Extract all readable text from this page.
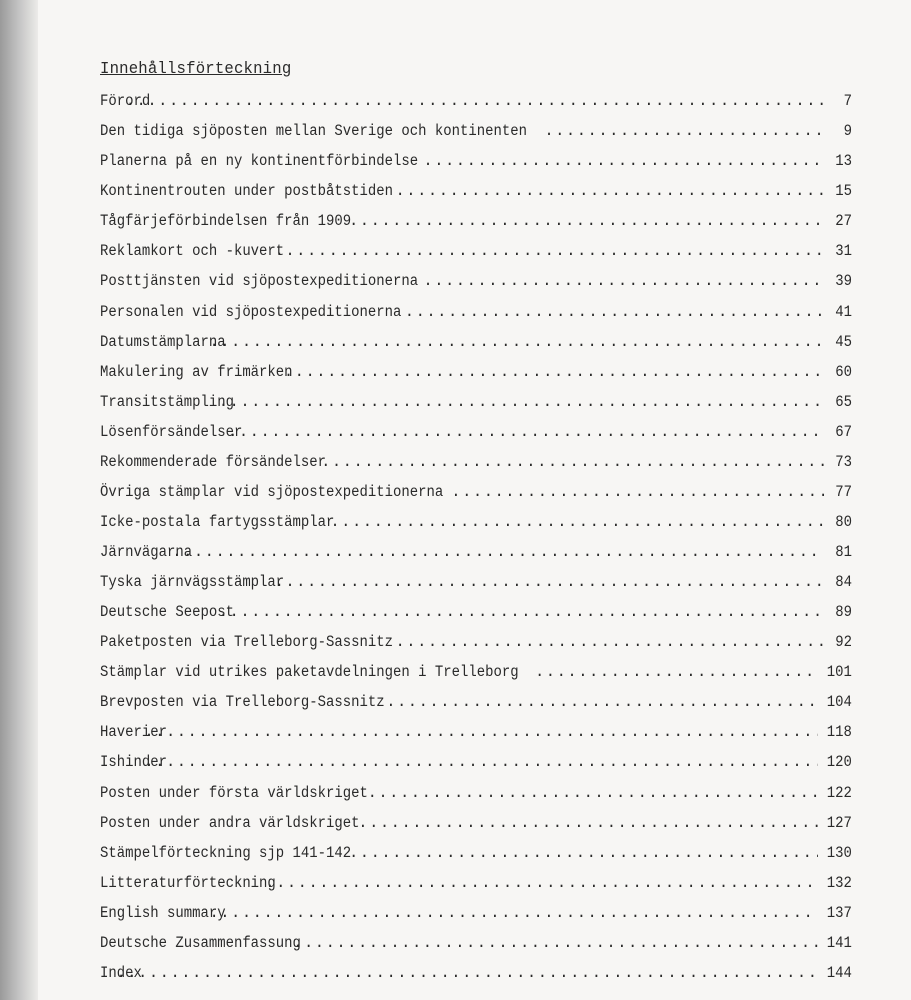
Innehållsförteckning
Förord .....	7
Den tidiga sjöposten mellan Sverige och kontinenten .....	9
Planerna på en ny kontinentförbindelse .....	13
Kontinentrouten under postbåtstiden .....	15
Tågfärjeförbindelsen från 1909 .....	27
Reklamkort och -kuvert .....	31
Posttjänsten vid sjöpostexpeditionerna .....	39
Personalen vid sjöpostexpeditionerna .....	41
Datumstämplarna .....	45
Makulering av frimärken .....	60
Transitstämpling .....	65
Lösenförsändelser .....	67
Rekommenderade försändelser .....	73
Övriga stämplar vid sjöpostexpeditionerna .....	77
Icke-postala fartygsstämplar .....	80
Järnvägarna .....	81
Tyska järnvägsstämplar .....	84
Deutsche Seepost .....	89
Paketposten via Trelleborg-Sassnitz .....	92
Stämplar vid utrikes paketavdelningen i Trelleborg .....	101
Brevposten via Trelleborg-Sassnitz .....	104
Haverier .....	118
Ishinder .....	120
Posten under första världskriget .....	122
Posten under andra världskriget .....	127
Stämpelförteckning sjp 141-142 .....	130
Litteraturförteckning .....	132
English summary .....	137
Deutsche Zusammenfassung .....	141
Index .....	144
